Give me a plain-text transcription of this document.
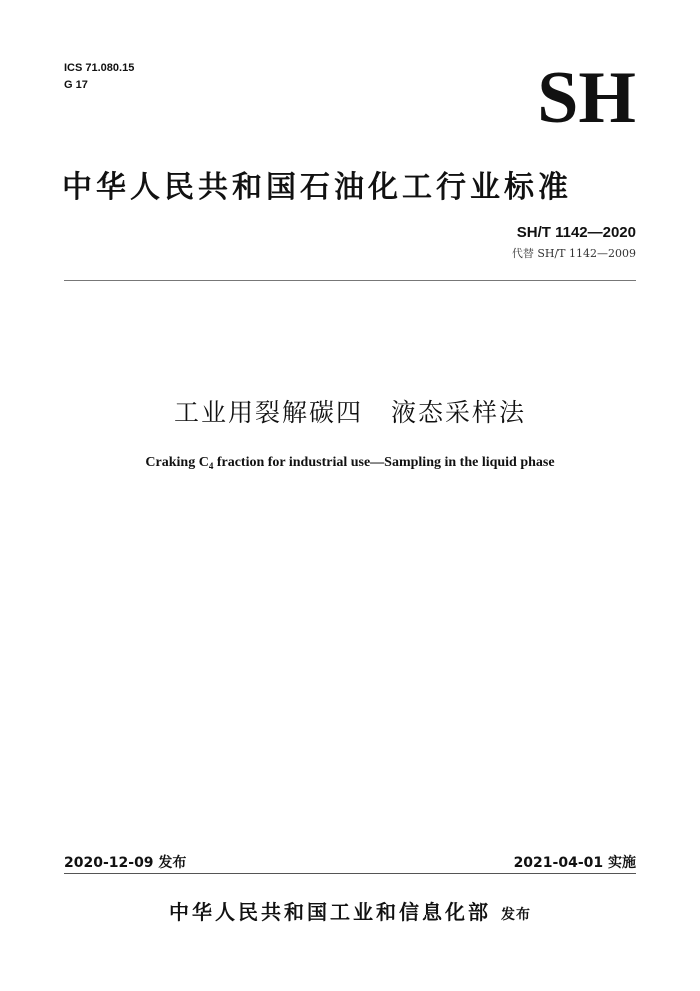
ICS 71.080.15
G 17	SH
中华人民共和国石油化工行业标准
SH/T 1142—2020
代替 SH/T 1142—2009
工业用裂解碳四 液态采样法
Craking $C_4$ fraction for industrial use—Sampling in the liquid phase
2020-12-09 发布	2021-04-01 实施
中华人民共和国工业和信息化部 发布
